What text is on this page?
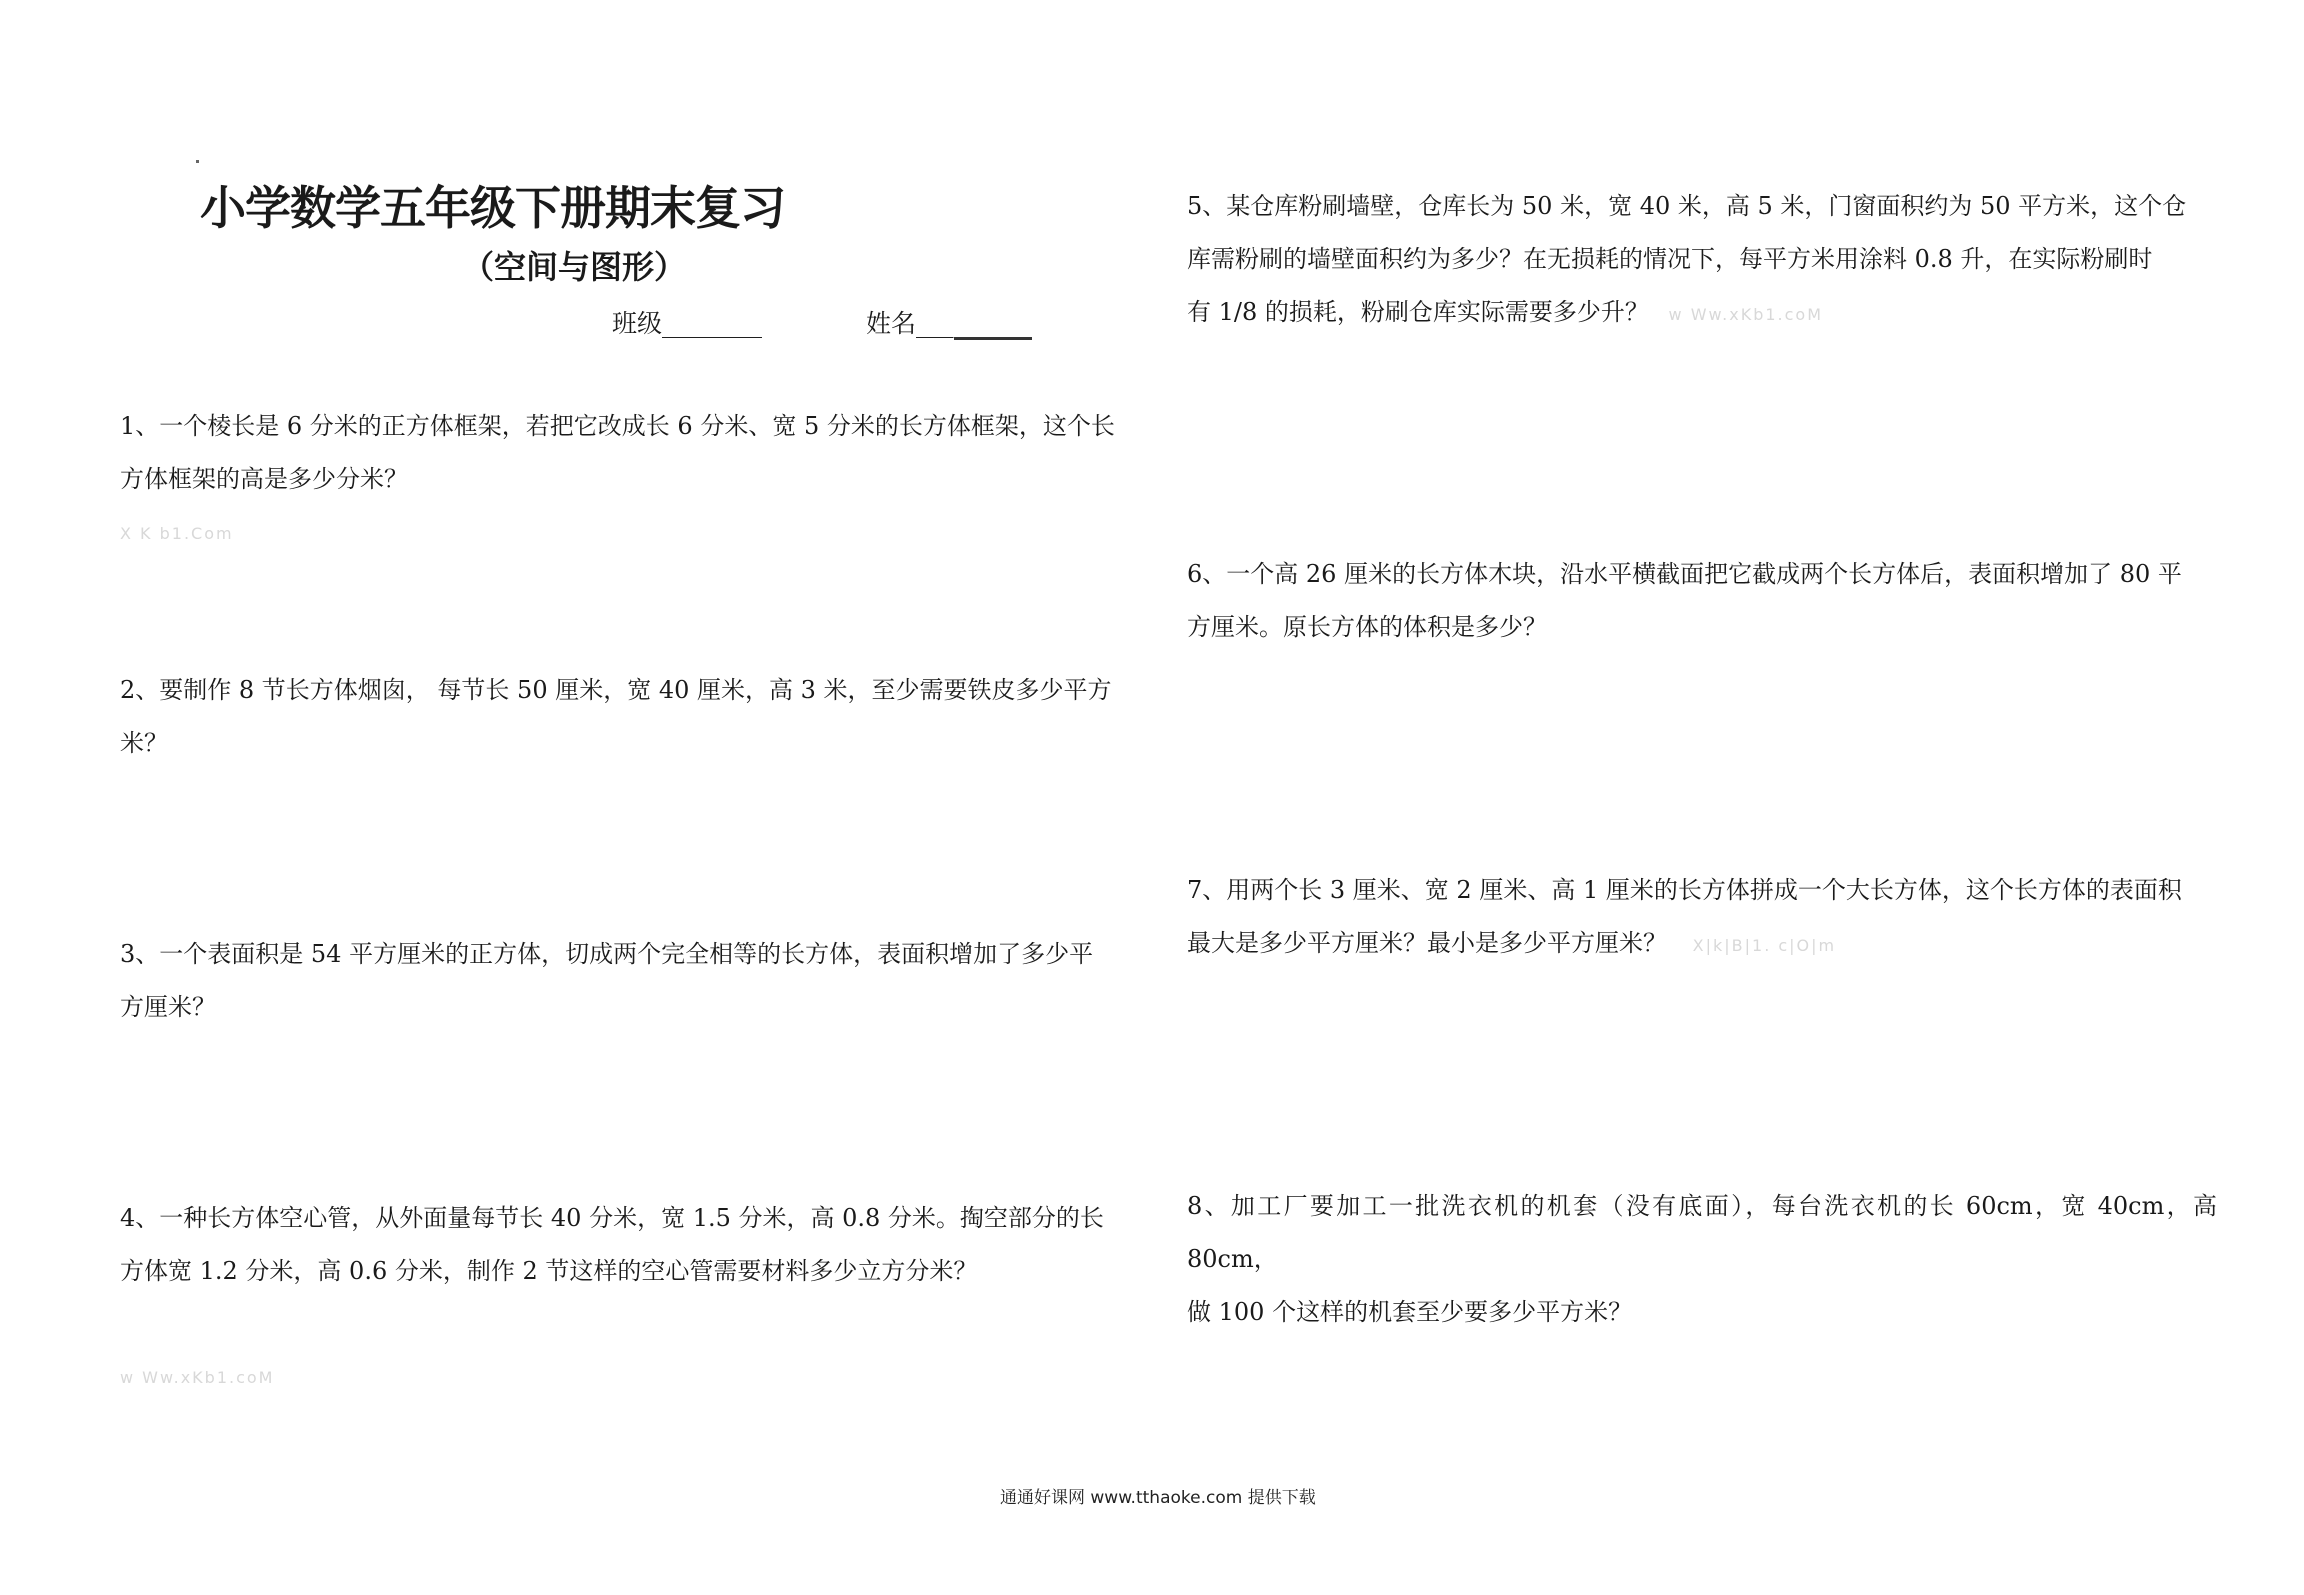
小学数学五年级下册期末复习
（空间与图形）
班级________	姓名___
1、一个棱长是 6 分米的正方体框架，若把它改成长 6 分米、宽 5 分米的长方体框架，这个长
方体框架的高是多少分米？
X K b1.Com
2、要制作 8 节长方体烟囱， 每节长 50 厘米，宽 40 厘米，高 3 米，至少需要铁皮多少平方
米？
3、一个表面积是 54 平方厘米的正方体，切成两个完全相等的长方体，表面积增加了多少平
方厘米？
4、一种长方体空心管，从外面量每节长 40 分米，宽 1.5 分米，高 0.8 分米。掏空部分的长
方体宽 1.2 分米，高 0.6 分米，制作 2 节这样的空心管需要材料多少立方分米？
w Ww.xKb1.coM
5、某仓库粉刷墙壁，仓库长为 50 米，宽 40 米，高 5 米，门窗面积约为 50 平方米，这个仓
库需粉刷的墙壁面积约为多少？在无损耗的情况下，每平方米用涂料 0.8 升，在实际粉刷时
有 1/8 的损耗，粉刷仓库实际需要多少升？ w Ww.xKb1.coM
6、一个高 26 厘米的长方体木块，沿水平横截面把它截成两个长方体后，表面积增加了 80 平
方厘米。原长方体的体积是多少？
7、用两个长 3 厘米、宽 2 厘米、高 1 厘米的长方体拼成一个大长方体，这个长方体的表面积
最大是多少平方厘米？最小是多少平方厘米？ X|k|B|1. c|O|m
8、加工厂要加工一批洗衣机的机套（没有底面），每台洗衣机的长 60cm，宽 40cm，高 80cm，
做 100 个这样的机套至少要多少平方米？
通通好课网 www.tthaoke.com 提供下载
